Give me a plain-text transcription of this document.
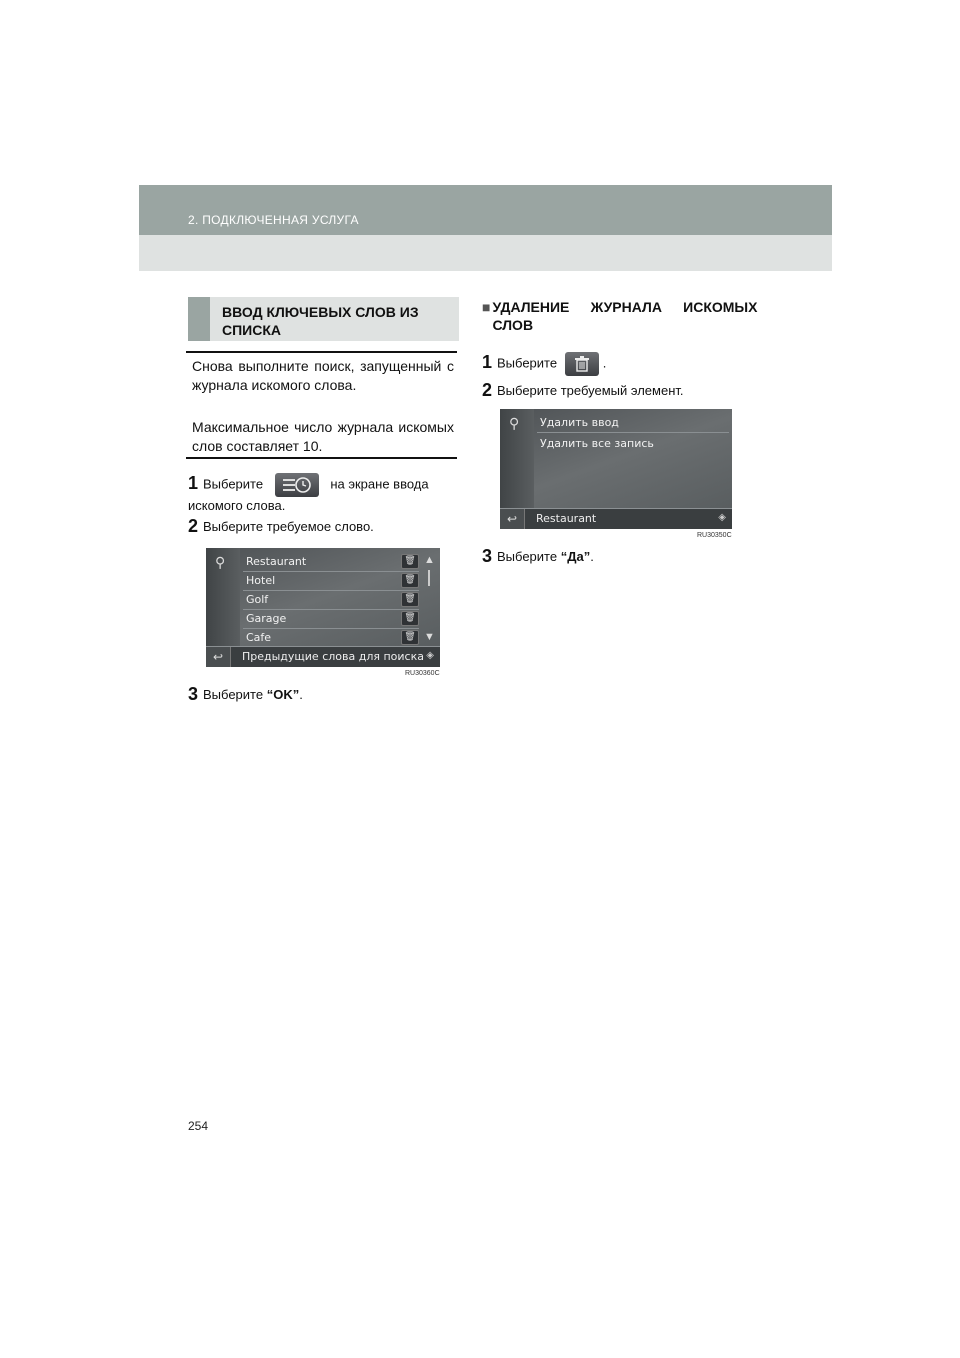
2. ПОДКЛЮЧЕННАЯ УСЛУГА
ВВОД КЛЮЧЕВЫХ СЛОВ ИЗ СПИСКА

Снова выполните поиск, запущенный с журнала искомого слова.

Максимальное число журнала искомых слов составляет 10.

1 Выберите	на экране ввода искомого слова.
2 Выберите требуемое слово.
⚲ Restaurant	🗑
Hotel	🗑
Golf	🗑
Garage	🗑
Cafe	🗑
▲
▼
↩	Предыдущие слова для поиска ◈
RU30360C
3 Выберите “OK”.
■ УДАЛЕНИЕ ЖУРНАЛА ИСКОМЫХ СЛОВ
1 Выберите	.
2 Выберите требуемый элемент.
⚲ Удалить ввод
Удалить все запись
↩	Restaurant	◈
RU30350C
3 Выберите “Да”.
254
